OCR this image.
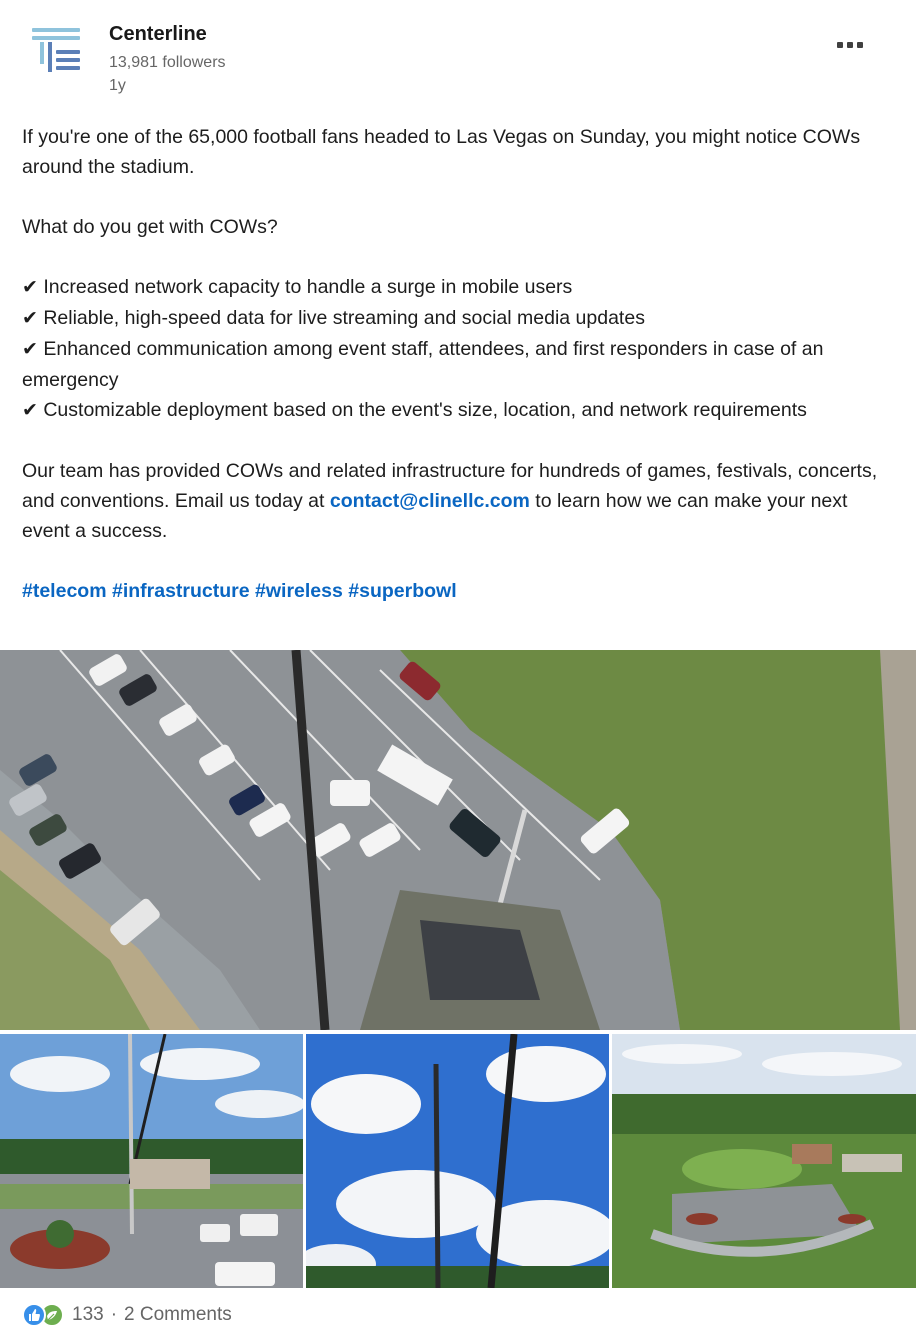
Centerline
13,981 followers
1y

If you're one of the 65,000 football fans headed to Las Vegas on Sunday, you might notice COWs around the stadium.

What do you get with COWs?

✔ Increased network capacity to handle a surge in mobile users

✔ Reliable, high-speed data for live streaming and social media updates

✔ Enhanced communication among event staff, attendees, and first responders in case of an emergency

✔ Customizable deployment based on the event's size, location, and network requirements

Our team has provided COWs and related infrastructure for hundreds of games, festivals, concerts, and conventions. Email us today at contact@clinellc.com to learn how we can make your next event a success.

#telecom #infrastructure #wireless #superbowl

133 · 2 Comments
